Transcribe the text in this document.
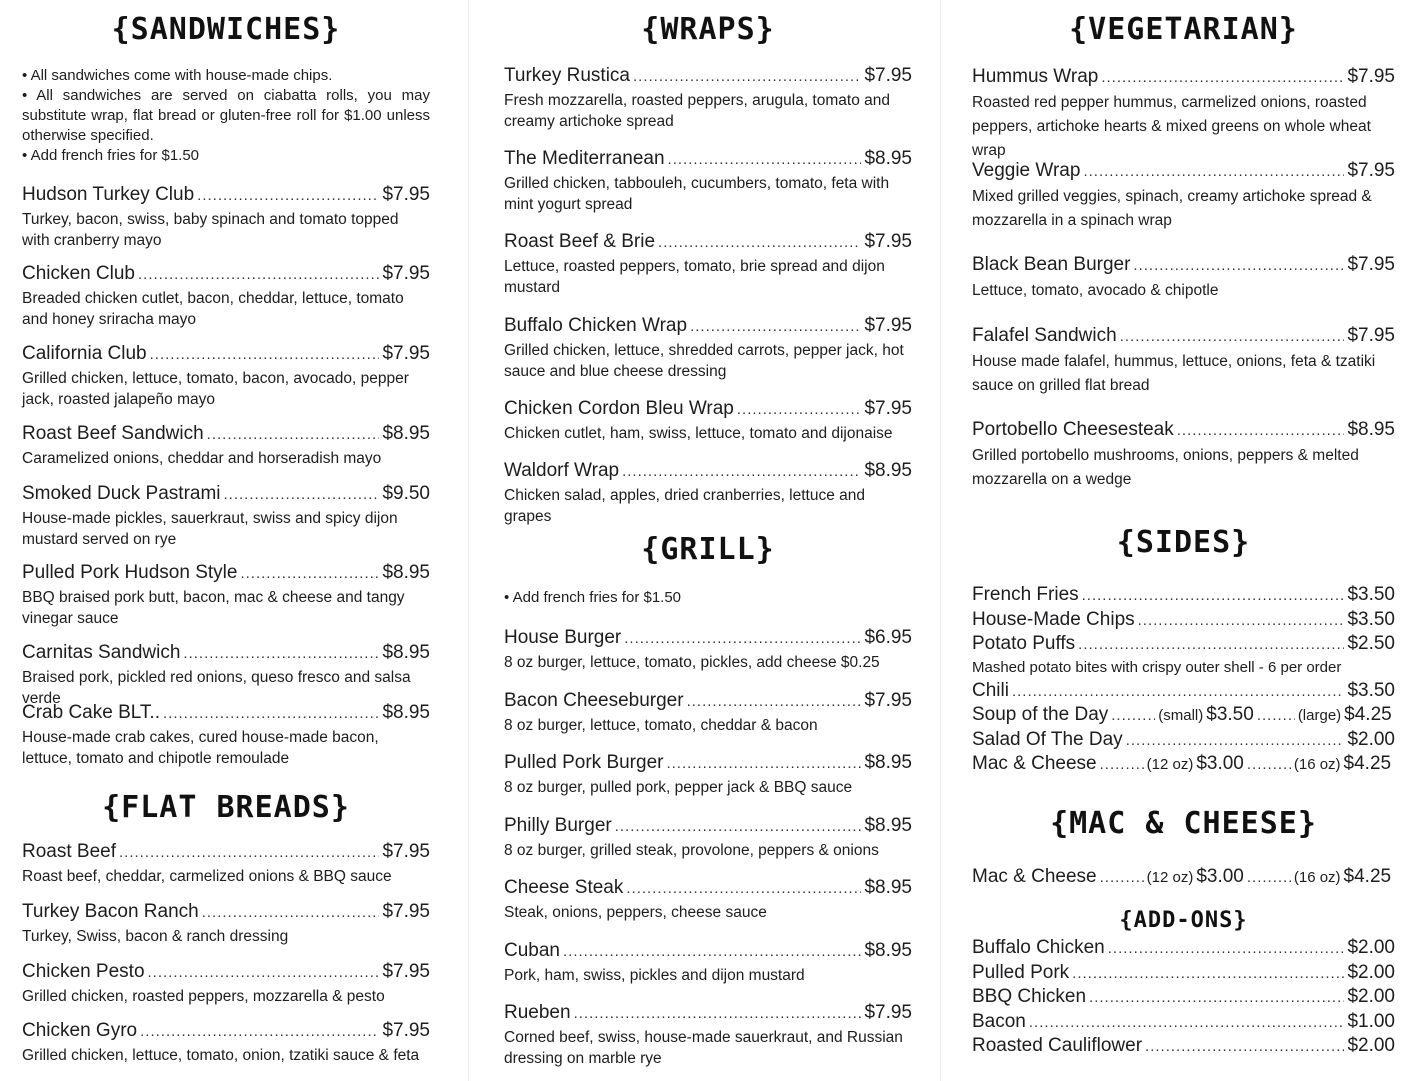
{SANDWICHES}
• All sandwiches come with house-made chips.
• All sandwiches are served on ciabatta rolls, you may substitute wrap, flat bread or gluten-free roll for $1.00 unless otherwise specified.
• Add french fries for $1.50
Hudson Turkey Club .....	$7.95
Turkey, bacon, swiss, baby spinach and tomato topped with cranberry mayo
Chicken Club .....	$7.95
Breaded chicken cutlet, bacon, cheddar, lettuce, tomato and honey sriracha mayo
California Club .....	$7.95
Grilled chicken, lettuce, tomato, bacon, avocado, pepper jack, roasted jalapeño mayo
Roast Beef Sandwich .....	$8.95
Caramelized onions, cheddar and horseradish mayo
Smoked Duck Pastrami .....	$9.50
House-made pickles, sauerkraut, swiss and spicy dijon mustard served on rye
Pulled Pork Hudson Style .....	$8.95
BBQ braised pork butt, bacon, mac & cheese and tangy vinegar sauce
Carnitas Sandwich .....	$8.95
Braised pork, pickled red onions, queso fresco and salsa verde
Crab Cake BLT.. .....	$8.95
House-made crab cakes, cured house-made bacon, lettuce, tomato and chipotle remoulade
{FLAT BREADS}
Roast Beef .....	$7.95
Roast beef, cheddar, carmelized onions & BBQ sauce
Turkey Bacon Ranch .....	$7.95
Turkey, Swiss, bacon & ranch dressing
Chicken Pesto .....	$7.95
Grilled chicken, roasted peppers, mozzarella & pesto
Chicken Gyro .....	$7.95
Grilled chicken, lettuce, tomato, onion, tzatiki sauce & feta
{WRAPS}
Turkey Rustica .....	$7.95
Fresh mozzarella, roasted peppers, arugula, tomato and creamy artichoke spread
The Mediterranean .....	$8.95
Grilled chicken, tabbouleh, cucumbers, tomato, feta with mint yogurt spread
Roast Beef & Brie .....	$7.95
Lettuce, roasted peppers, tomato, brie spread and dijon mustard
Buffalo Chicken Wrap .....	$7.95
Grilled chicken, lettuce, shredded carrots, pepper jack, hot sauce and blue cheese dressing
Chicken Cordon Bleu Wrap .....	$7.95
Chicken cutlet, ham, swiss, lettuce, tomato and dijonaise
Waldorf Wrap .....	$8.95
Chicken salad, apples, dried cranberries, lettuce and grapes
{GRILL}
• Add french fries for $1.50
House Burger .....	$6.95
8 oz burger, lettuce, tomato, pickles, add cheese $0.25
Bacon Cheeseburger .....	$7.95
8 oz burger, lettuce, tomato, cheddar & bacon
Pulled Pork Burger .....	$8.95
8 oz burger, pulled pork, pepper jack & BBQ sauce
Philly Burger .....	$8.95
8 oz burger, grilled steak, provolone, peppers & onions
Cheese Steak .....	$8.95
Steak, onions, peppers, cheese sauce
Cuban .....	$8.95
Pork, ham, swiss, pickles and dijon mustard
Rueben .....	$7.95
Corned beef, swiss, house-made sauerkraut, and Russian dressing on marble rye
{VEGETARIAN}
Hummus Wrap .....	$7.95
Roasted red pepper hummus, carmelized onions, roasted peppers, artichoke hearts & mixed greens on whole wheat wrap
Veggie Wrap .....	$7.95
Mixed grilled veggies, spinach, creamy artichoke spread & mozzarella in a spinach wrap
Black Bean Burger .....	$7.95
Lettuce, tomato, avocado & chipotle
Falafel Sandwich .....	$7.95
House made falafel, hummus, lettuce, onions, feta & tzatiki sauce on grilled flat bread
Portobello Cheesesteak .....	$8.95
Grilled portobello mushrooms, onions, peppers & melted mozzarella on a wedge
{SIDES}
French Fries .....	$3.50
House-Made Chips .....	$3.50
Potato Puffs .....	$2.50
Mashed potato bites with crispy outer shell - 6 per order
Chili .....	$3.50
Soup of the Day .....	(small) $3.50 .....	(large) $4.25
Salad Of The Day .....	$2.00
Mac & Cheese .....	(12 oz) $3.00 .....	(16 oz) $4.25
{MAC & CHEESE}
Mac & Cheese .....	(12 oz) $3.00 .....	(16 oz) $4.25
{ADD-ONS}
Buffalo Chicken .....	$2.00
Pulled Pork .....	$2.00
BBQ Chicken .....	$2.00
Bacon .....	$1.00
Roasted Cauliflower .....	$2.00
